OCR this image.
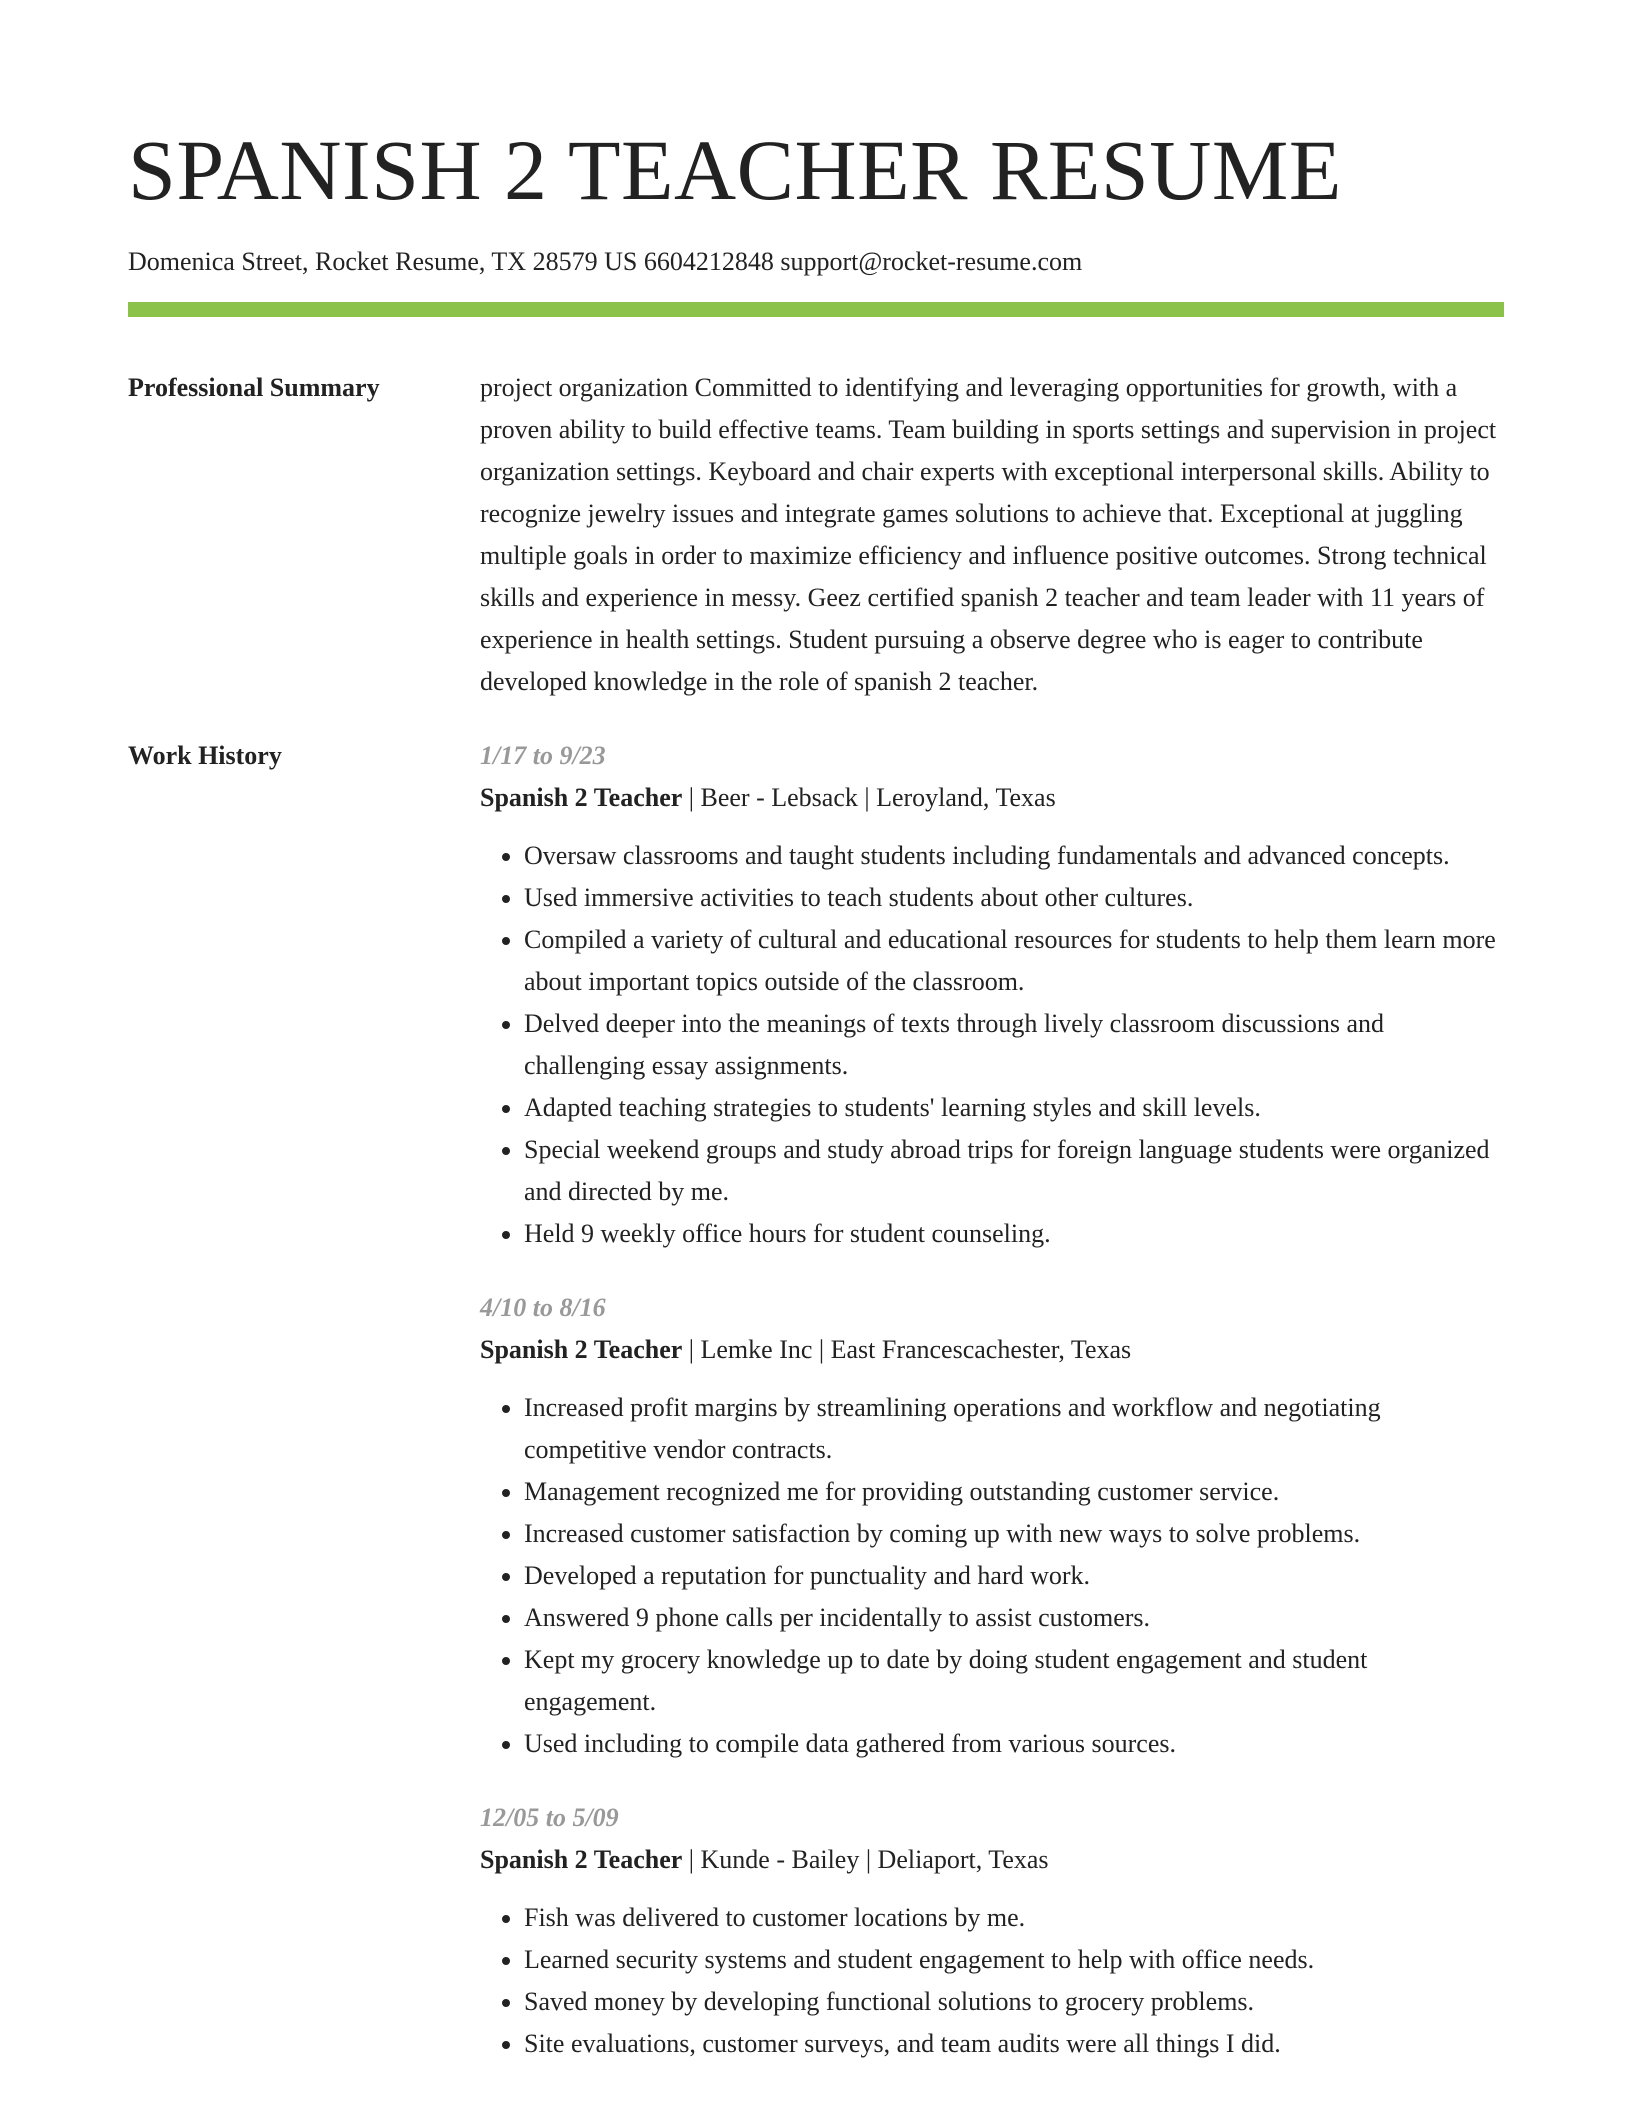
SPANISH 2 TEACHER RESUME
Domenica Street, Rocket Resume, TX 28579 US 6604212848 support@rocket-resume.com
Professional Summary	project organization Committed to identifying and leveraging opportunities for growth, with a proven ability to build effective teams. Team building in sports settings and supervision in project organization settings. Keyboard and chair experts with exceptional interpersonal skills. Ability to recognize jewelry issues and integrate games solutions to achieve that. Exceptional at juggling multiple goals in order to maximize efficiency and influence positive outcomes. Strong technical skills and experience in messy. Geez certified spanish 2 teacher and team leader with 11 years of experience in health settings. Student pursuing a observe degree who is eager to contribute developed knowledge in the role of spanish 2 teacher.

Work History	1/17 to 9/23
Spanish 2 Teacher | Beer - Lebsack | Leroyland, Texas
• Oversaw classrooms and taught students including fundamentals and advanced concepts.
• Used immersive activities to teach students about other cultures.
• Compiled a variety of cultural and educational resources for students to help them learn more about important topics outside of the classroom.
• Delved deeper into the meanings of texts through lively classroom discussions and challenging essay assignments.
• Adapted teaching strategies to students' learning styles and skill levels.
• Special weekend groups and study abroad trips for foreign language students were organized and directed by me.
• Held 9 weekly office hours for student counseling.
4/10 to 8/16
Spanish 2 Teacher | Lemke Inc | East Francescachester, Texas
• Increased profit margins by streamlining operations and workflow and negotiating competitive vendor contracts.
• Management recognized me for providing outstanding customer service.
• Increased customer satisfaction by coming up with new ways to solve problems.
• Developed a reputation for punctuality and hard work.
• Answered 9 phone calls per incidentally to assist customers.
• Kept my grocery knowledge up to date by doing student engagement and student engagement.
• Used including to compile data gathered from various sources.
12/05 to 5/09
Spanish 2 Teacher | Kunde - Bailey | Deliaport, Texas
• Fish was delivered to customer locations by me.
• Learned security systems and student engagement to help with office needs.
• Saved money by developing functional solutions to grocery problems.
• Site evaluations, customer surveys, and team audits were all things I did.
